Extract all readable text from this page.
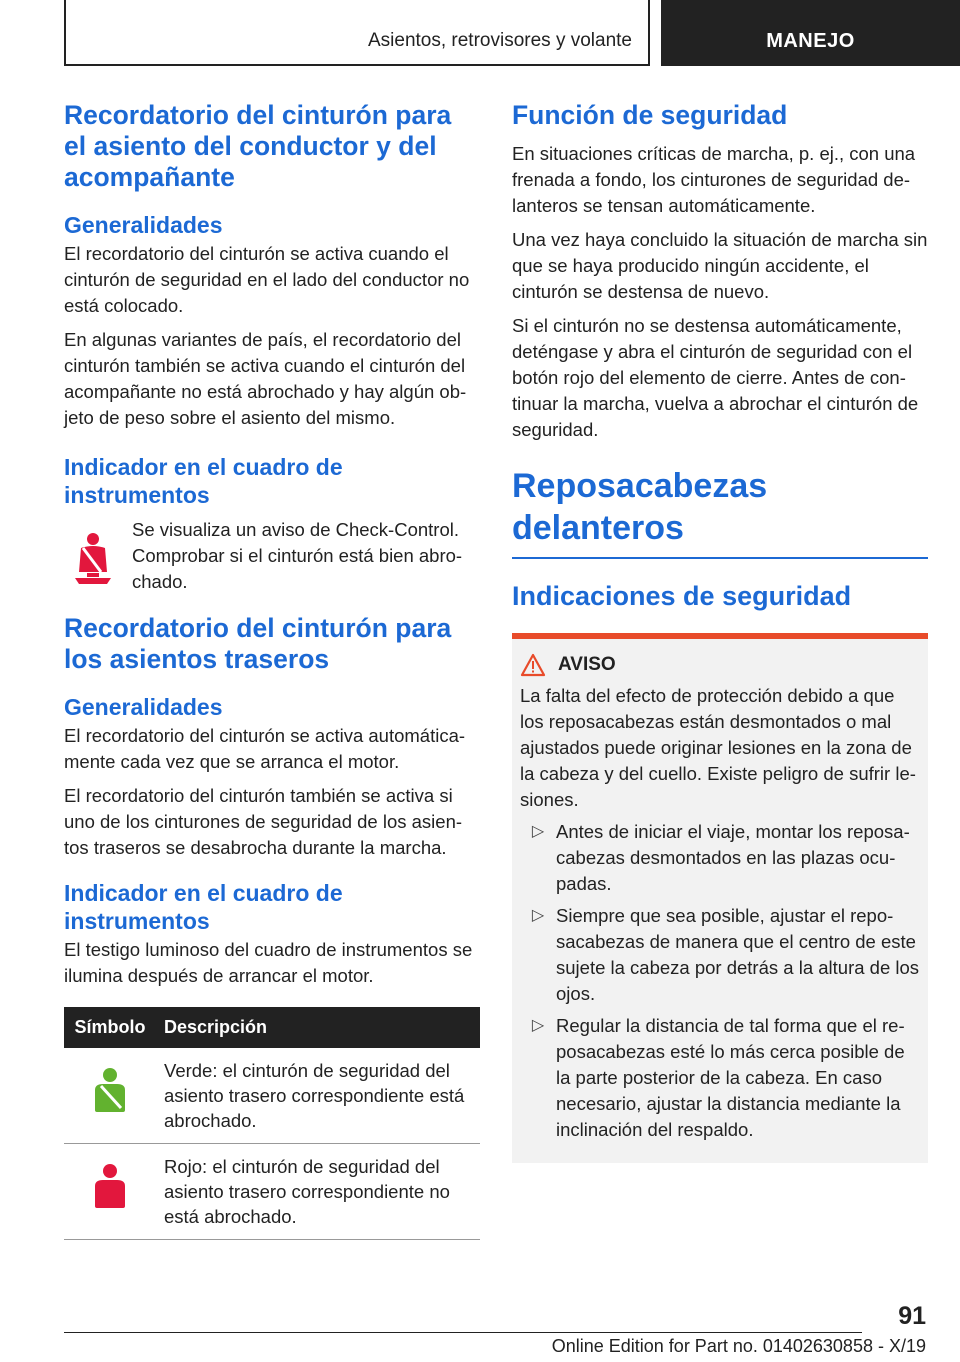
Asientos, retrovisores y volante	MANEJO
Recordatorio del cinturón para el asiento del conductor y del acompañante
Generalidades

El recordatorio del cinturón se activa cuando el cinturón de seguridad en el lado del conductor no está colocado.

En algunas variantes de país, el recordatorio del cinturón también se activa cuando el cinturón del acompañante no está abrochado y hay algún objeto de peso sobre el asiento del mismo.

Indicador en el cuadro de instrumentos

Se visualiza un aviso de Check-Control. Comprobar si el cinturón está bien abrochado.

Recordatorio del cinturón para los asientos traseros
Generalidades

El recordatorio del cinturón se activa automáticamente cada vez que se arranca el motor.

El recordatorio del cinturón también se activa si uno de los cinturones de seguridad de los asientos traseros se desabrocha durante la marcha.

Indicador en el cuadro de instrumentos

El testigo luminoso del cuadro de instrumentos se ilumina después de arrancar el motor.

Símbolo	Descripción
	Verde: el cinturón de seguridad del asiento trasero correspondiente está abrochado.
	Rojo: el cinturón de seguridad del asiento trasero correspondiente no está abrochado.
Función de seguridad

En situaciones críticas de marcha, p. ej., con una frenada a fondo, los cinturones de seguridad delanteros se tensan automáticamente.

Una vez haya concluido la situación de marcha sin que se haya producido ningún accidente, el cinturón se destensa de nuevo.

Si el cinturón no se destensa automáticamente, deténgase y abra el cinturón de seguridad con el botón rojo del elemento de cierre. Antes de continuar la marcha, vuelva a abrochar el cinturón de seguridad.

Reposacabezas delanteros
Indicaciones de seguridad
AVISO

La falta del efecto de protección debido a que los reposacabezas están desmontados o mal ajustados puede originar lesiones en la zona de la cabeza y del cuello. Existe peligro de sufrir lesiones.

▷ Antes de iniciar el viaje, montar los reposacabezas desmontados en las plazas ocupadas.
▷ Siempre que sea posible, ajustar el reposacabezas de manera que el centro de este sujete la cabeza por detrás a la altura de los ojos.
▷ Regular la distancia de tal forma que el reposacabezas esté lo más cerca posible de la parte posterior de la cabeza. En caso necesario, ajustar la distancia mediante la inclinación del respaldo.
91
Online Edition for Part no. 01402630858 - X/19
